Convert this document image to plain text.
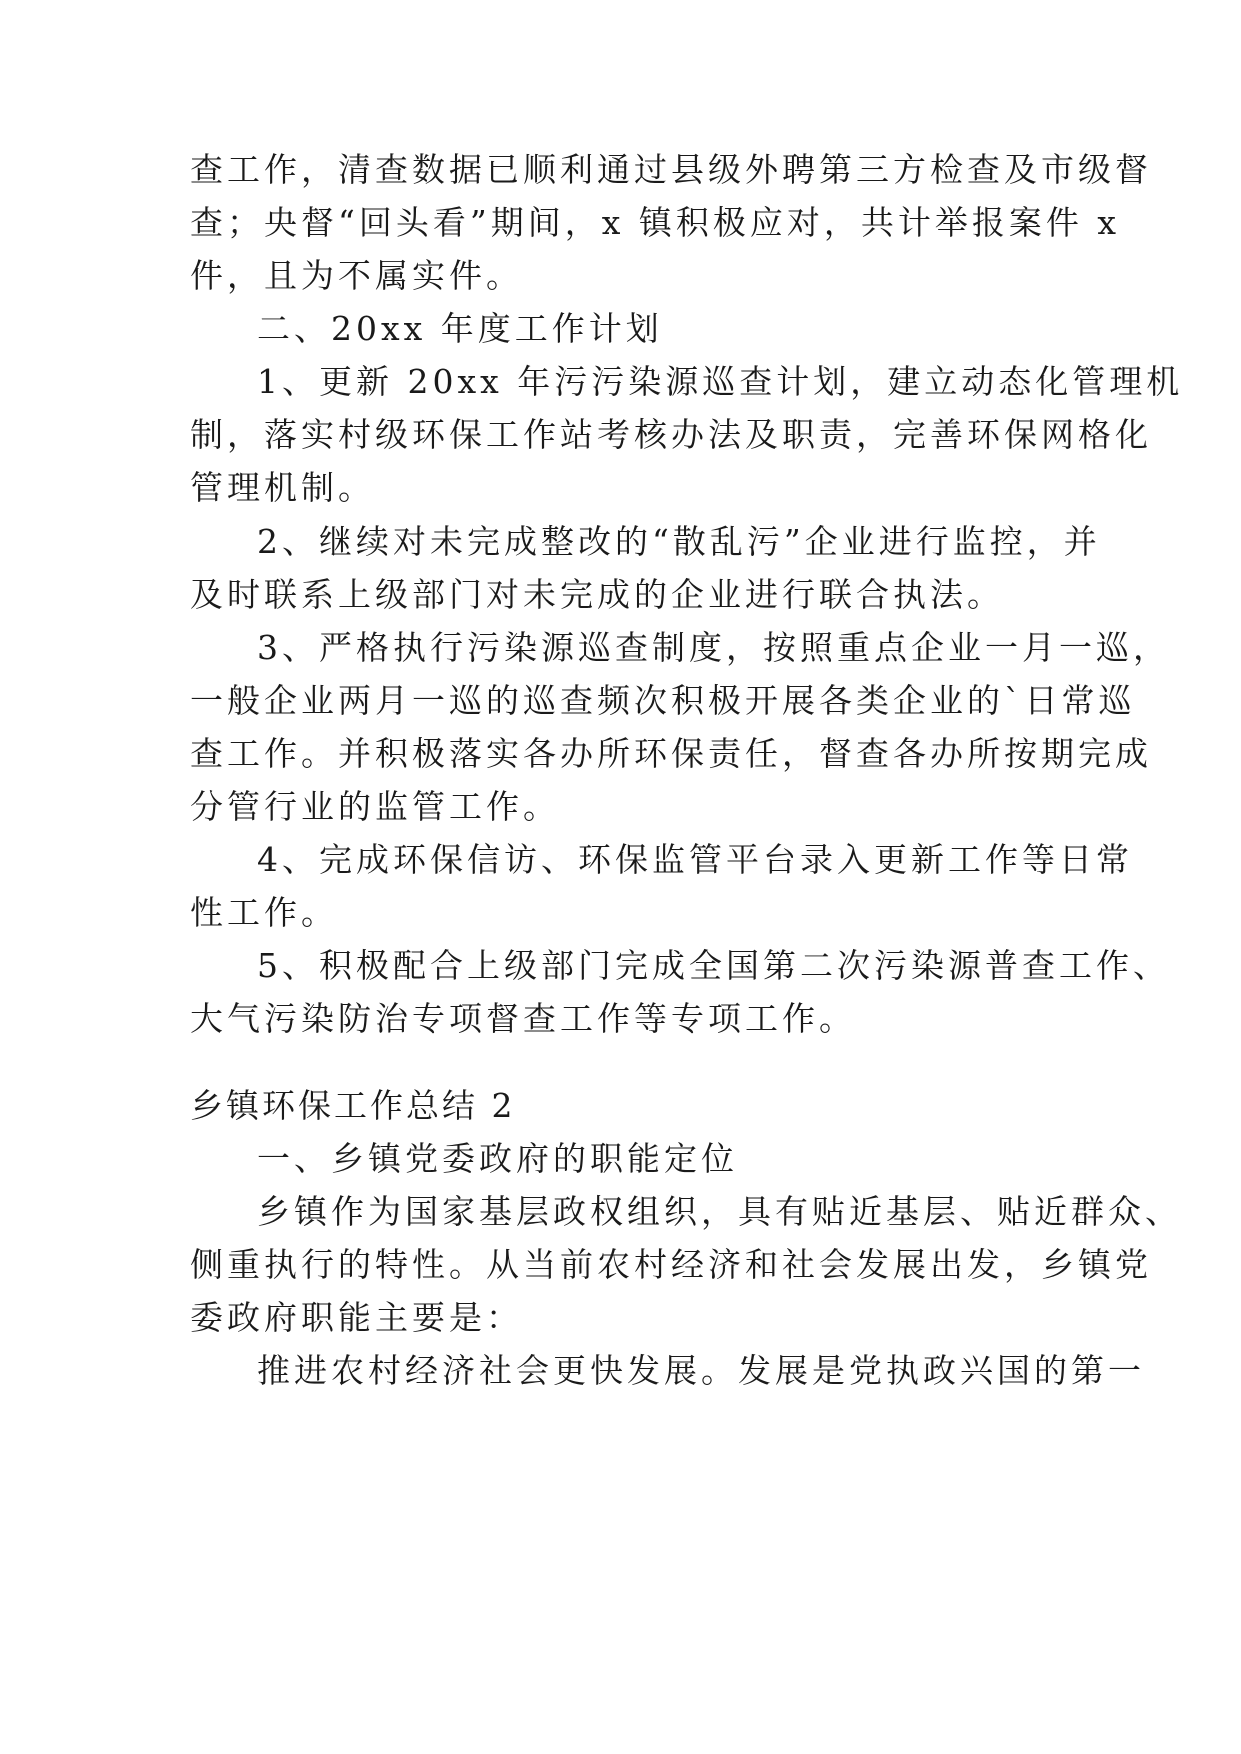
查工作，清查数据已顺利通过县级外聘第三方检查及市级督
查；央督“回头看”期间，x 镇积极应对，共计举报案件 x
件，且为不属实件。
二、20xx 年度工作计划
1、更新 20xx 年污污染源巡查计划，建立动态化管理机
制，落实村级环保工作站考核办法及职责，完善环保网格化
管理机制。
2、继续对未完成整改的“散乱污”企业进行监控，并
及时联系上级部门对未完成的企业进行联合执法。
3、严格执行污染源巡查制度，按照重点企业一月一巡，
一般企业两月一巡的巡查频次积极开展各类企业的`日常巡
查工作。并积极落实各办所环保责任，督查各办所按期完成
分管行业的监管工作。
4、完成环保信访、环保监管平台录入更新工作等日常
性工作。
5、积极配合上级部门完成全国第二次污染源普查工作、
大气污染防治专项督查工作等专项工作。
乡镇环保工作总结 2
一、乡镇党委政府的职能定位
乡镇作为国家基层政权组织，具有贴近基层、贴近群众、
侧重执行的特性。从当前农村经济和社会发展出发，乡镇党
委政府职能主要是：
推进农村经济社会更快发展。发展是党执政兴国的第一
